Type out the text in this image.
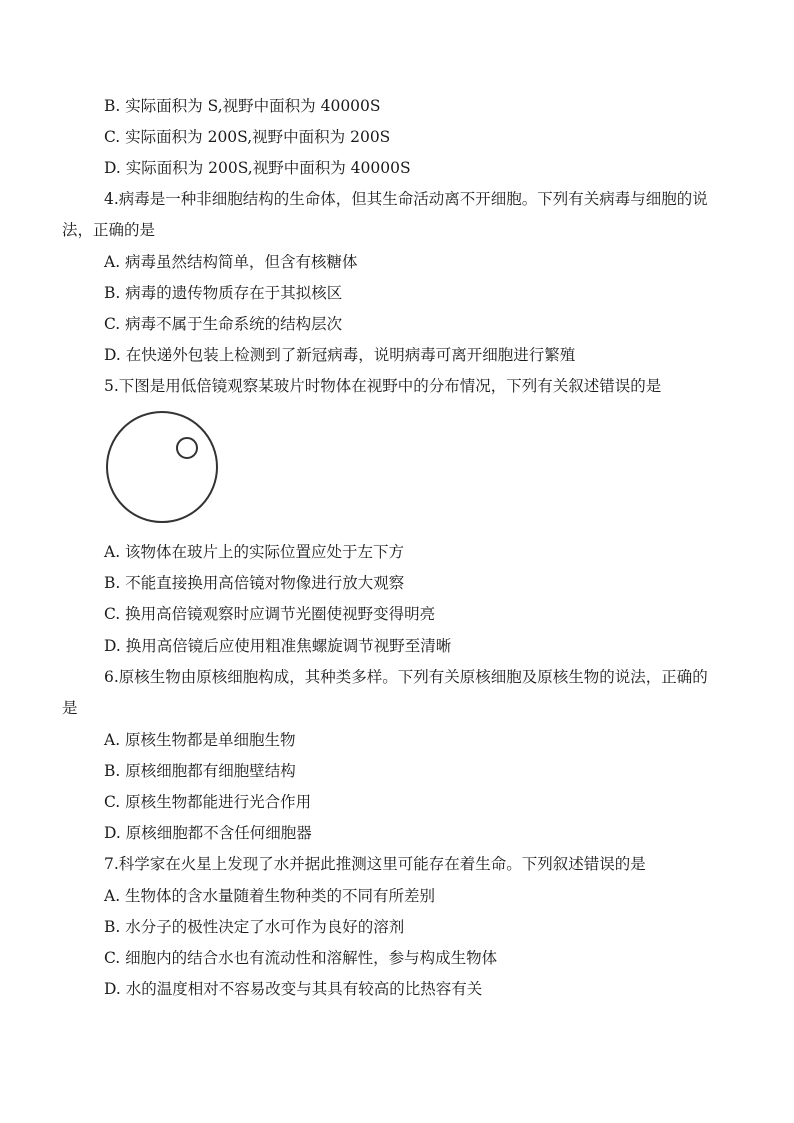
B. 实际面积为 S,视野中面积为 40000S
C. 实际面积为 200S,视野中面积为 200S
D. 实际面积为 200S,视野中面积为 40000S
4.病毒是一种非细胞结构的生命体，但其生命活动离不开细胞。下列有关病毒与细胞的说
法，正确的是
A. 病毒虽然结构简单，但含有核糖体
B. 病毒的遗传物质存在于其拟核区
C. 病毒不属于生命系统的结构层次
D. 在快递外包装上检测到了新冠病毒，说明病毒可离开细胞进行繁殖
5.下图是用低倍镜观察某玻片时物体在视野中的分布情况，下列有关叙述错误的是
A. 该物体在玻片上的实际位置应处于左下方
B. 不能直接换用高倍镜对物像进行放大观察
C. 换用高倍镜观察时应调节光圈使视野变得明亮
D. 换用高倍镜后应使用粗准焦螺旋调节视野至清晰
6.原核生物由原核细胞构成，其种类多样。下列有关原核细胞及原核生物的说法，正确的
是
A. 原核生物都是单细胞生物
B. 原核细胞都有细胞壁结构
C. 原核生物都能进行光合作用
D. 原核细胞都不含任何细胞器
7.科学家在火星上发现了水并据此推测这里可能存在着生命。下列叙述错误的是
A. 生物体的含水量随着生物种类的不同有所差别
B. 水分子的极性决定了水可作为良好的溶剂
C. 细胞内的结合水也有流动性和溶解性，参与构成生物体
D. 水的温度相对不容易改变与其具有较高的比热容有关
